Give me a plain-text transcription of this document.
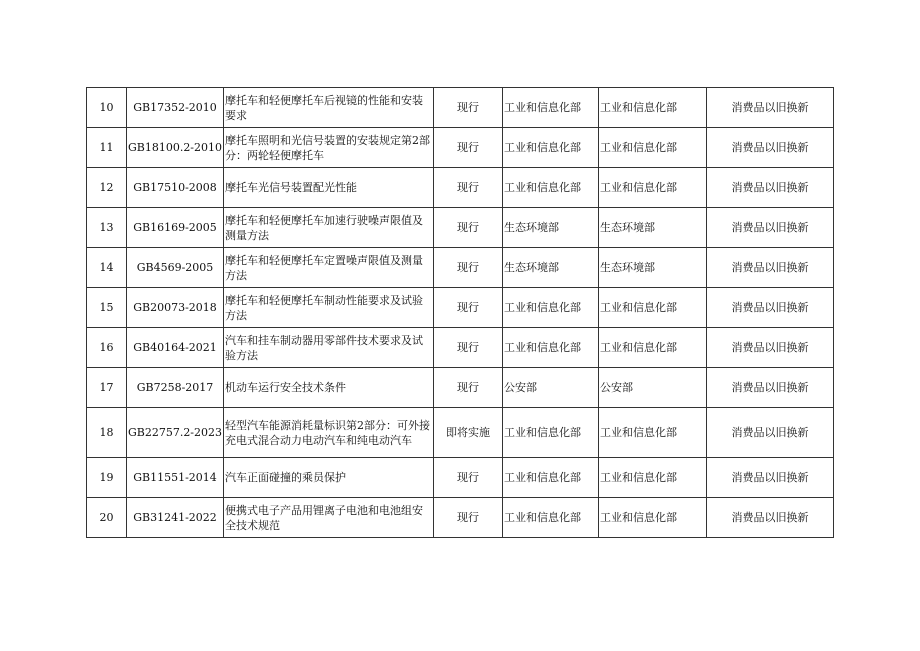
10	GB17352-2010	摩托车和轻便摩托车后视镜的性能和安装要求	现行	工业和信息化部	工业和信息化部	消费品以旧换新
11	GB18100.2-2010	摩托车照明和光信号装置的安装规定第2部分：两轮轻便摩托车	现行	工业和信息化部	工业和信息化部	消费品以旧换新
12	GB17510-2008	摩托车光信号装置配光性能	现行	工业和信息化部	工业和信息化部	消费品以旧换新
13	GB16169-2005	摩托车和轻便摩托车加速行驶噪声限值及测量方法	现行	生态环境部	生态环境部	消费品以旧换新
14	GB4569-2005	摩托车和轻便摩托车定置噪声限值及测量方法	现行	生态环境部	生态环境部	消费品以旧换新
15	GB20073-2018	摩托车和轻便摩托车制动性能要求及试验方法	现行	工业和信息化部	工业和信息化部	消费品以旧换新
16	GB40164-2021	汽车和挂车制动器用零部件技术要求及试验方法	现行	工业和信息化部	工业和信息化部	消费品以旧换新
17	GB7258-2017	机动车运行安全技术条件	现行	公安部	公安部	消费品以旧换新
18	GB22757.2-2023	轻型汽车能源消耗量标识第2部分：可外接充电式混合动力电动汽车和纯电动汽车	即将实施	工业和信息化部	工业和信息化部	消费品以旧换新
19	GB11551-2014	汽车正面碰撞的乘员保护	现行	工业和信息化部	工业和信息化部	消费品以旧换新
20	GB31241-2022	便携式电子产品用锂离子电池和电池组安全技术规范	现行	工业和信息化部	工业和信息化部	消费品以旧换新
